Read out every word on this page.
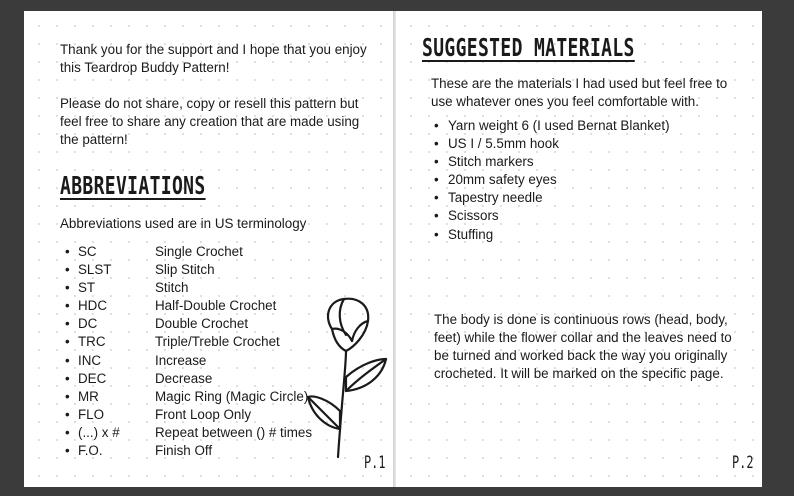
Thank you for the support and I hope that you enjoy this Teardrop Buddy Pattern!

Please do not share, copy or resell this pattern but feel free to share any creation that are made using the pattern!

ABBREVIATIONS
Abbreviations used are in US terminology
• SC	Single Crochet
• SLST	Slip Stitch
• ST	Stitch
• HDC	Half-Double Crochet
• DC	Double Crochet
• TRC	Triple/Treble Crochet
• INC	Increase
• DEC	Decrease
• MR	Magic Ring (Magic Circle)
• FLO	Front Loop Only
• (...) x #	Repeat between () # times
• F.O.	Finish Off
P.1
SUGGESTED MATERIALS
These are the materials I had used but feel free to use whatever ones you feel comfortable with.
• Yarn weight 6 (I used Bernat Blanket)
• US I / 5.5mm hook
• Stitch markers
• 20mm safety eyes
• Tapestry needle
• Scissors
• Stuffing
The body is done is continuous rows (head, body, feet) while the flower collar and the leaves need to be turned and worked back the way you originally crocheted. It will be marked on the specific page.
P.2
